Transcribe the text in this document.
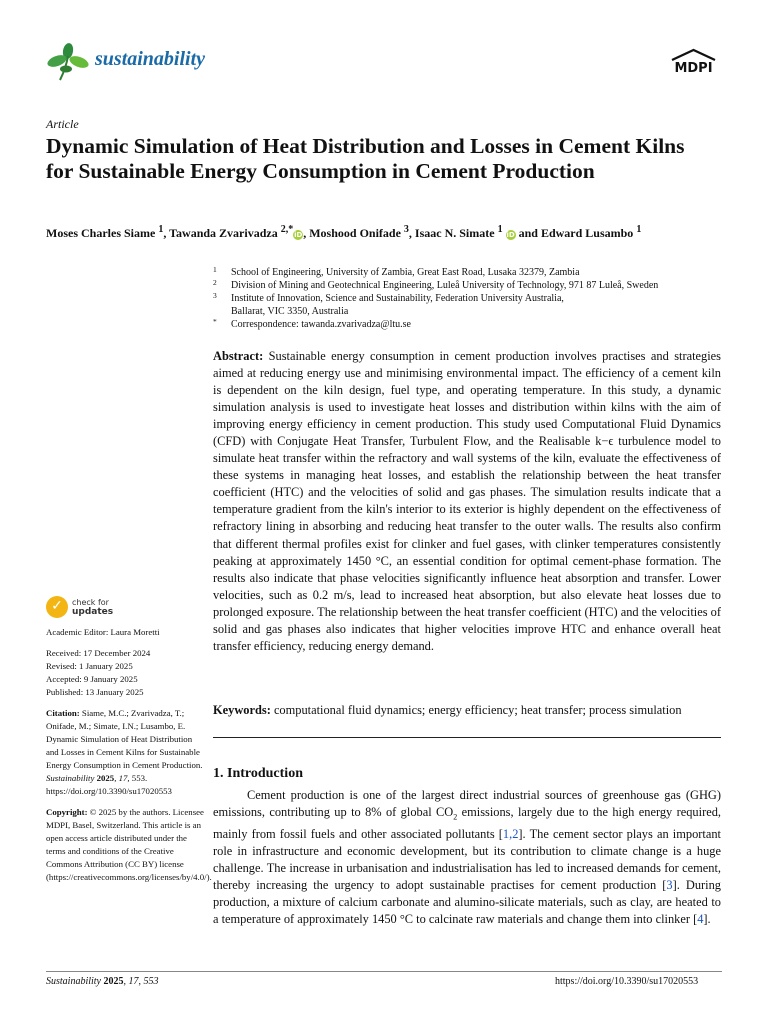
sustainability	MDPI
Article
Dynamic Simulation of Heat Distribution and Losses in Cement Kilns for Sustainable Energy Consumption in Cement Production
Moses Charles Siame $^1$, Tawanda Zvarivadza $^{2,*}$iD, Moshood Onifade $^3$, Isaac N. Simate $^1$ iD and Edward Lusambo $^1$
1 School of Engineering, University of Zambia, Great East Road, Lusaka 32379, Zambia
2 Division of Mining and Geotechnical Engineering, Luleå University of Technology, 971 87 Luleå, Sweden
3 Institute of Innovation, Science and Sustainability, Federation University Australia,
Ballarat, VIC 3350, Australia
* Correspondence: tawanda.zvarivadza@ltu.se
Abstract: Sustainable energy consumption in cement production involves practises and strategies aimed at reducing energy use and minimising environmental impact. The efficiency of a cement kiln is dependent on the kiln design, fuel type, and operating temperature. In this study, a dynamic simulation analysis is used to investigate heat losses and distribution within kilns with the aim of improving energy efficiency in cement production. This study used Computational Fluid Dynamics (CFD) with Conjugate Heat Transfer, Turbulent Flow, and the Realisable k−ϵ turbulence model to simulate heat transfer within the refractory and wall systems of the kiln, evaluate the effectiveness of these systems in managing heat losses, and establish the relationship between the heat transfer coefficient (HTC) and the velocities of solid and gas phases. The simulation results indicate that a temperature gradient from the kiln's interior to its exterior is highly dependent on the effectiveness of refractory lining in absorbing and reducing heat transfer to the outer walls. The results also confirm that different thermal profiles exist for clinker and fuel gases, with clinker temperatures consistently peaking at approximately 1450 °C, an essential condition for optimal cement-phase formation. The results also indicate that phase velocities significantly influence heat absorption and transfer. Lower velocities, such as 0.2 m/s, lead to increased heat absorption, but also elevate heat losses due to prolonged exposure. The relationship between the heat transfer coefficient (HTC) and the velocities of solid and gas phases also indicates that higher velocities improve HTC and enhance overall heat transfer efficiency, reducing energy demand.
Keywords: computational fluid dynamics; energy efficiency; heat transfer; process simulation
1. Introduction
Cement production is one of the largest direct industrial sources of greenhouse gas (GHG) emissions, contributing up to 8% of global $CO_2$ emissions, largely due to the high energy required, mainly from fossil fuels and other associated pollutants [1,2]. The cement sector plays an important role in infrastructure and economic development, but its contribution to climate change is a huge challenge. The increase in urbanisation and industrialisation has led to increased demands for cement, thereby increasing the urgency to adopt sustainable practises for cement production [3]. During production, a mixture of calcium carbonate and alumino-silicate materials, such as clay, are heated to a temperature of approximately 1450 °C to calcinate raw materials and change them into clinker [4].
✓	check for
updates
Academic Editor: Laura Moretti
Received: 17 December 2024
Revised: 1 January 2025
Accepted: 9 January 2025
Published: 13 January 2025
Citation: Siame, M.C.; Zvarivadza, T.; Onifade, M.; Simate, I.N.; Lusambo, E. Dynamic Simulation of Heat Distribution and Losses in Cement Kilns for Sustainable Energy Consumption in Cement Production. Sustainability 2025, 17, 553. https://doi.org/10.3390/su17020553
Copyright: © 2025 by the authors. Licensee MDPI, Basel, Switzerland. This article is an open access article distributed under the terms and conditions of the Creative Commons Attribution (CC BY) license (https://creativecommons.org/licenses/by/4.0/).
Sustainability 2025, 17, 553	https://doi.org/10.3390/su17020553
